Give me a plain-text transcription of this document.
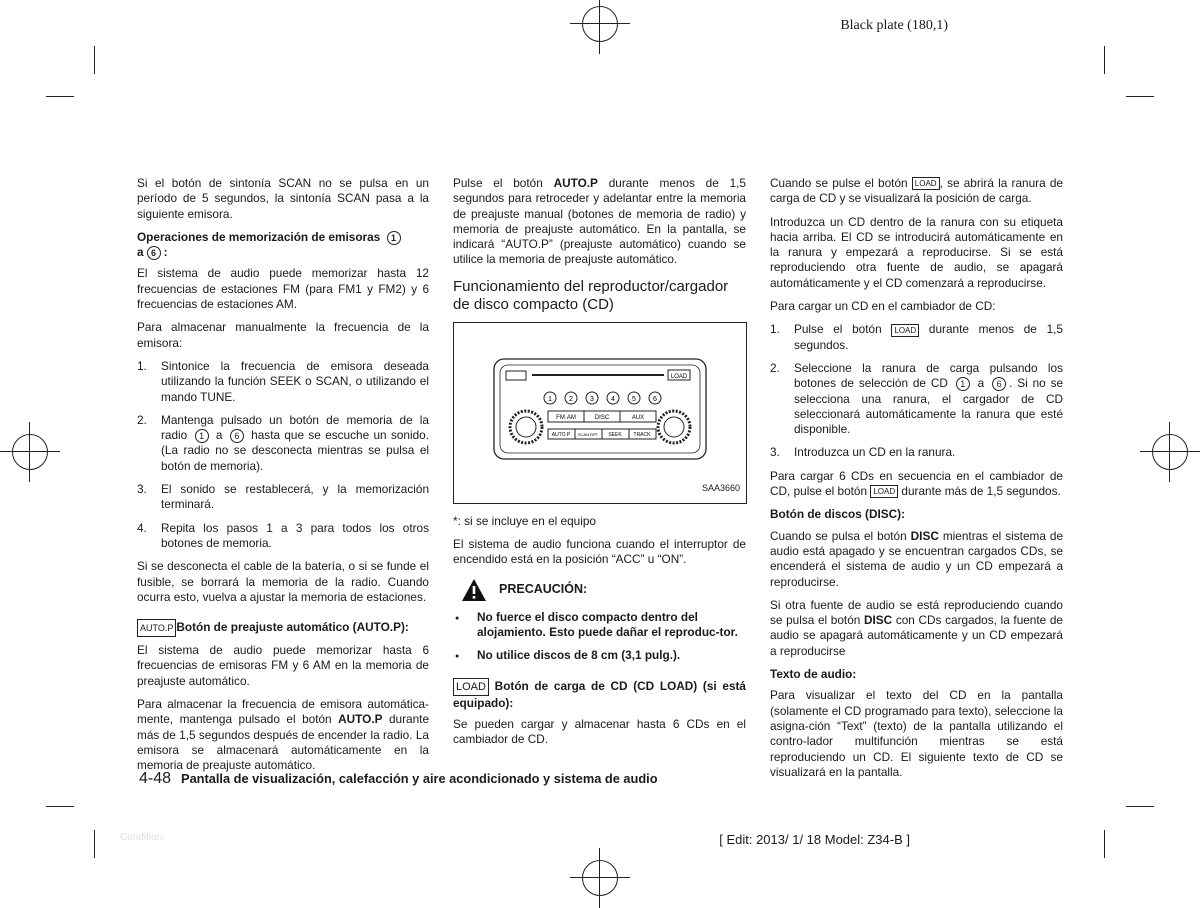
Black plate (180,1)

Si el botón de sintonía SCAN no se pulsa en un período de 5 segundos, la sintonía SCAN pasa a la siguiente emisora.

Operaciones de memorización de emisoras 1
a 6 :

El sistema de audio puede memorizar hasta 12 frecuencias de estaciones FM (para FM1 y FM2) y 6 frecuencias de estaciones AM.

Para almacenar manualmente la frecuencia de la emisora:

1. Sintonice la frecuencia de emisora deseada utilizando la función SEEK o SCAN, o utilizando el mando TUNE.
2. Mantenga pulsado un botón de memoria de la radio 1 a 6 hasta que se escuche un sonido. (La radio no se desconecta mientras se pulsa el botón de memoria).
3. El sonido se restablecerá, y la memorización terminará.
4. Repita los pasos 1 a 3 para todos los otros botones de memoria.

Si se desconecta el cable de la batería, o si se funde el fusible, se borrará la memoria de la radio. Cuando ocurra esto, vuelva a ajustar la memoria de estaciones.

AUTO.P Botón de preajuste automático (AUTO.P):

El sistema de audio puede memorizar hasta 6 frecuencias de emisoras FM y 6 AM en la memoria de preajuste automático.

Para almacenar la frecuencia de emisora automática-mente, mantenga pulsado el botón AUTO.P durante más de 1,5 segundos después de encender la radio. La emisora se almacenará automáticamente en la memoria de preajuste automático.

Pulse el botón AUTO.P durante menos de 1,5 segundos para retroceder y adelantar entre la memoria de preajuste manual (botones de memoria de radio) y memoria de preajuste automático. En la pantalla, se indicará “AUTO.P” (preajuste automático) cuando se utilice la memoria de preajuste automático.

Funcionamiento del reproductor/cargador de disco compacto (CD)
LOAD
1 2 3 4 5 6
FM·AM	DISC	AUX
AUTO.P SCAN RPT SEEK TRACK
SAA3660

*: si se incluye en el equipo

El sistema de audio funciona cuando el interruptor de encendido está en la posición “ACC” u “ON”.

PRECAUCIÓN:
● No fuerce el disco compacto dentro del alojamiento. Esto puede dañar el reproduc-tor.
● No utilice discos de 8 cm (3,1 pulg.).

LOAD Botón de carga de CD (CD LOAD) (si está equipado):

Se pueden cargar y almacenar hasta 6 CDs en el cambiador de CD.

Cuando se pulse el botón LOAD , se abrirá la ranura de carga de CD y se visualizará la posición de carga.

Introduzca un CD dentro de la ranura con su etiqueta hacia arriba. El CD se introducirá automáticamente en la ranura y empezará a reproducirse. Si se está reproduciendo otra fuente de audio, se apagará automáticamente y el CD comenzará a reproducirse.

Para cargar un CD en el cambiador de CD:

1. Pulse el botón LOAD durante menos de 1,5 segundos.
2. Seleccione la ranura de carga pulsando los botones de selección de CD 1 a 6 . Si no se selecciona una ranura, el cargador de CD seleccionará automáticamente la ranura que esté disponible.
3. Introduzca un CD en la ranura.

Para cargar 6 CDs en secuencia en el cambiador de CD, pulse el botón LOAD durante más de 1,5 segundos.

Botón de discos (DISC):

Cuando se pulsa el botón DISC mientras el sistema de audio está apagado y se encuentran cargados CDs, se encenderá el sistema de audio y un CD empezará a reproducirse.

Si otra fuente de audio se está reproduciendo cuando se pulsa el botón DISC con CDs cargados, la fuente de audio se apagará automáticamente y un CD empezará a reproducirse

Texto de audio:

Para visualizar el texto del CD en la pantalla (solamente el CD programado para texto), seleccione la asigna-ción “Text” (texto) de la pantalla utilizando el contro-lador multifunción mientras se está reproduciendo un CD. El siguiente texto de CD se visualizará en la pantalla.

4-48 Pantalla de visualización, calefacción y aire acondicionado y sistema de audio
Condition:	[ Edit: 2013/ 1/ 18 Model: Z34-B ]
